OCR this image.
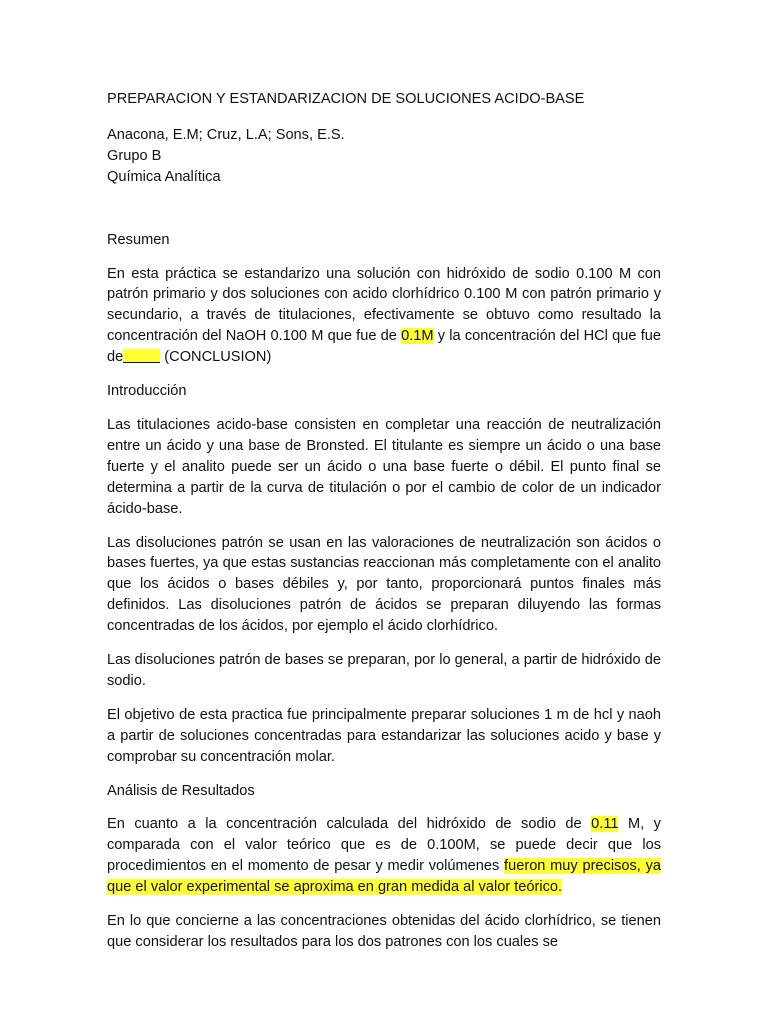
PREPARACION Y ESTANDARIZACION DE SOLUCIONES ACIDO-BASE

Anacona, E.M; Cruz, L.A; Sons, E.S.
Grupo B
Química Analítica

Resumen

En esta práctica se estandarizo una solución con hidróxido de sodio 0.100 M con patrón primario y dos soluciones con acido clorhídrico 0.100 M con patrón primario y secundario, a través de titulaciones, efectivamente se obtuvo como resultado la concentración del NaOH 0.100 M que fue de 0.1M y la concentración del HCl que fue de	(CONCLUSION)

Introducción

Las titulaciones acido-base consisten en completar una reacción de neutralización entre un ácido y una base de Bronsted. El titulante es siempre un ácido o una base fuerte y el analito puede ser un ácido o una base fuerte o débil. El punto final se determina a partir de la curva de titulación o por el cambio de color de un indicador ácido-base.

Las disoluciones patrón se usan en las valoraciones de neutralización son ácidos o bases fuertes, ya que estas sustancias reaccionan más completamente con el analito que los ácidos o bases débiles y, por tanto, proporcionará puntos finales más definidos. Las disoluciones patrón de ácidos se preparan diluyendo las formas concentradas de los ácidos, por ejemplo el ácido clorhídrico.

Las disoluciones patrón de bases se preparan, por lo general, a partir de hidróxido de sodio.

El objetivo de esta practica fue principalmente preparar soluciones 1 m de hcl y naoh a partir de soluciones concentradas para estandarizar las soluciones acido y base y comprobar su concentración molar.

Análisis de Resultados

En cuanto a la concentración calculada del hidróxido de sodio de 0.11 M, y comparada con el valor teórico que es de 0.100M, se puede decir que los procedimientos en el momento de pesar y medir volúmenes fueron muy precisos, ya que el valor experimental se aproxima en gran medida al valor teórico.

En lo que concierne a las concentraciones obtenidas del ácido clorhídrico, se tienen que considerar los resultados para los dos patrones con los cuales se
